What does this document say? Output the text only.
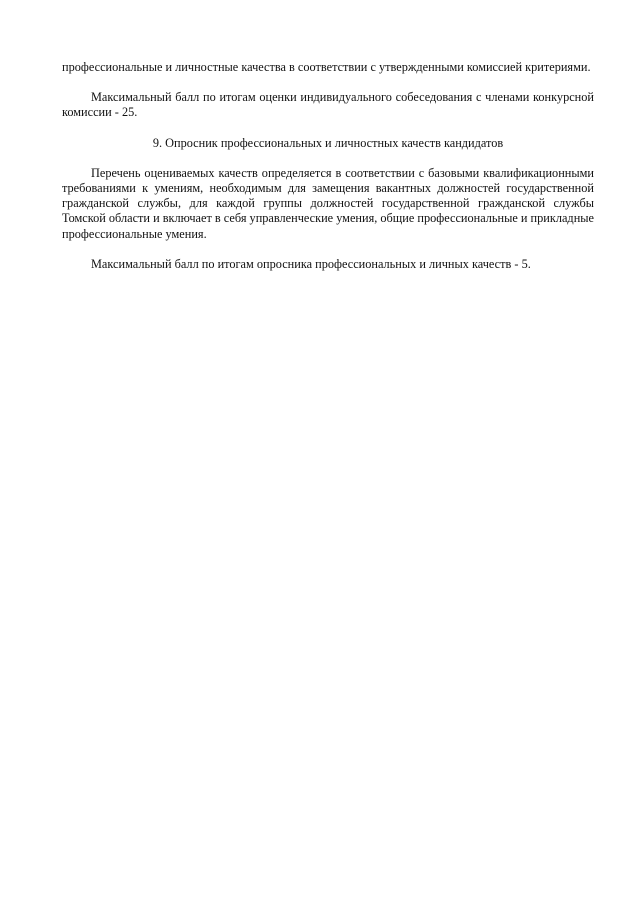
профессиональные и личностные качества в соответствии с утвержденными комиссией критериями.

Максимальный балл по итогам оценки индивидуального собеседования с членами конкурсной комиссии - 25.

9. Опросник профессиональных и личностных качеств кандидатов

Перечень оцениваемых качеств определяется в соответствии с базовыми квалификационными требованиями к умениям, необходимым для замещения вакантных должностей государственной гражданской службы, для каждой группы должностей государственной гражданской службы Томской области и включает в себя управленческие умения, общие профессиональные и прикладные профессиональные умения.

Максимальный балл по итогам опросника профессиональных и личных качеств - 5.
